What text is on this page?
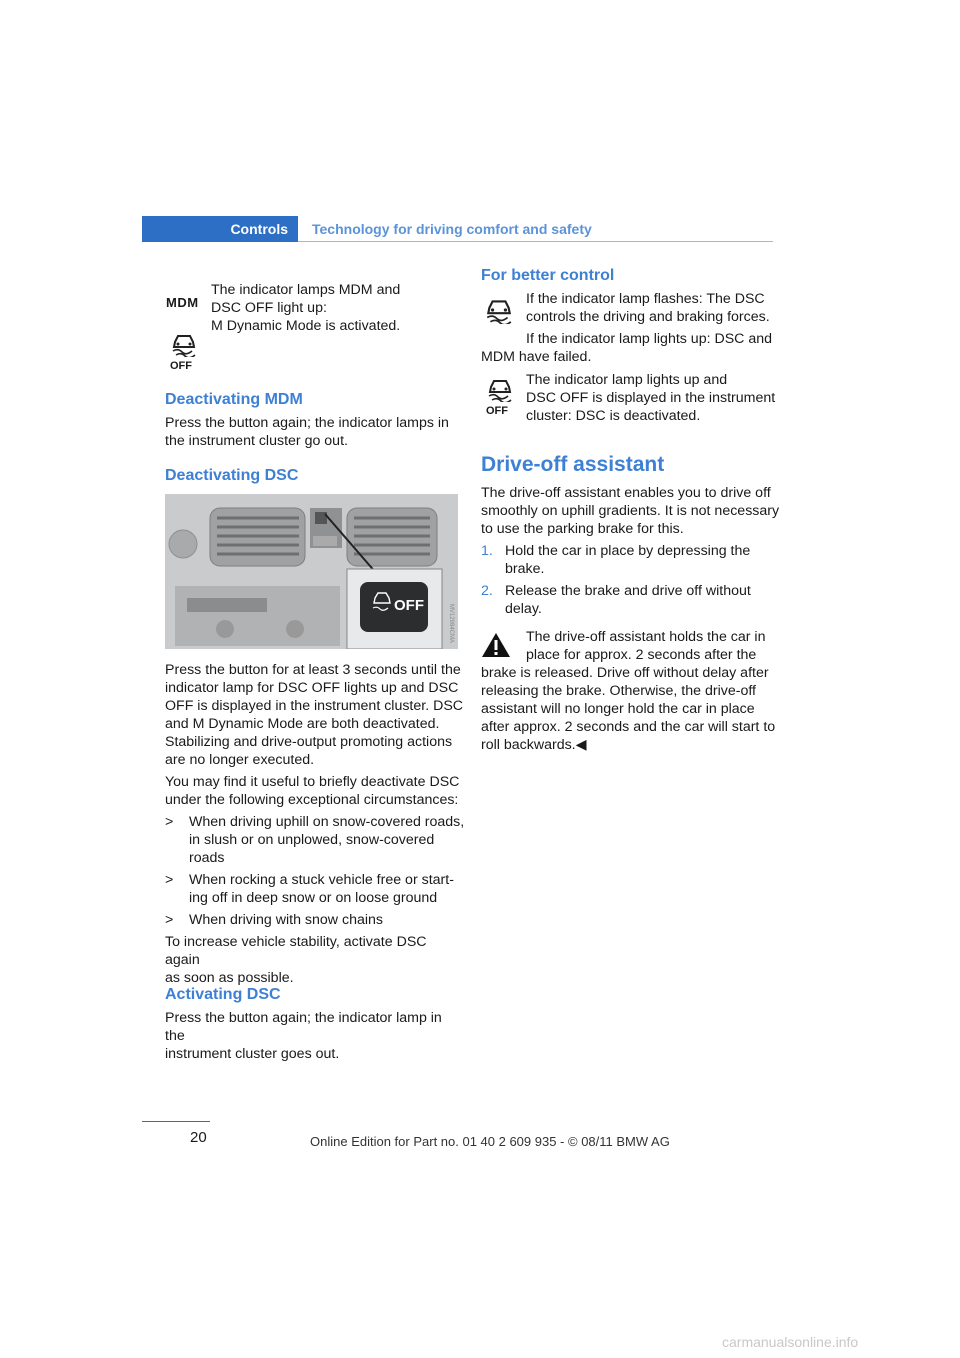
Controls Technology for driving comfort and safety
MDM
OFF
The indicator lamps MDM and
DSC OFF light up:
M Dynamic Mode is activated.
Deactivating MDM
Press the button again; the indicator lamps in
the instrument cluster go out.
Deactivating DSC
OFF	MV12984CMA

Press the button for at least 3 seconds until the
indicator lamp for DSC OFF lights up and DSC
OFF is displayed in the instrument cluster. DSC
and M Dynamic Mode are both deactivated.
Stabilizing and drive-output promoting actions
are no longer executed.

You may find it useful to briefly deactivate DSC
under the following exceptional circumstances:

>	When driving uphill on snow-covered roads,
in slush or on unplowed, snow-covered
roads
>	When rocking a stuck vehicle free or start-
ing off in deep snow or on loose ground
>	When driving with snow chains

To increase vehicle stability, activate DSC again
as soon as possible.

Activating DSC
Press the button again; the indicator lamp in the
instrument cluster goes out.
For better control
If the indicator lamp flashes: The DSC
controls the driving and braking forces.
If the indicator lamp lights up: DSC and
MDM have failed.
OFF
The indicator lamp lights up and
DSC OFF is displayed in the instrument
cluster: DSC is deactivated.
Drive-off assistant

The drive-off assistant enables you to drive off
smoothly on uphill gradients. It is not necessary
to use the parking brake for this.

1. Hold the car in place by depressing the
brake.
2. Release the brake and drive off without
delay.
The drive-off assistant holds the car in
place for approx. 2 seconds after the
brake is released. Drive off without delay after
releasing the brake. Otherwise, the drive-off
assistant will no longer hold the car in place
after approx. 2 seconds and the car will start to
roll backwards.◀
20	Online Edition for Part no. 01 40 2 609 935 - © 08/11 BMW AG
carmanualsonline.info
